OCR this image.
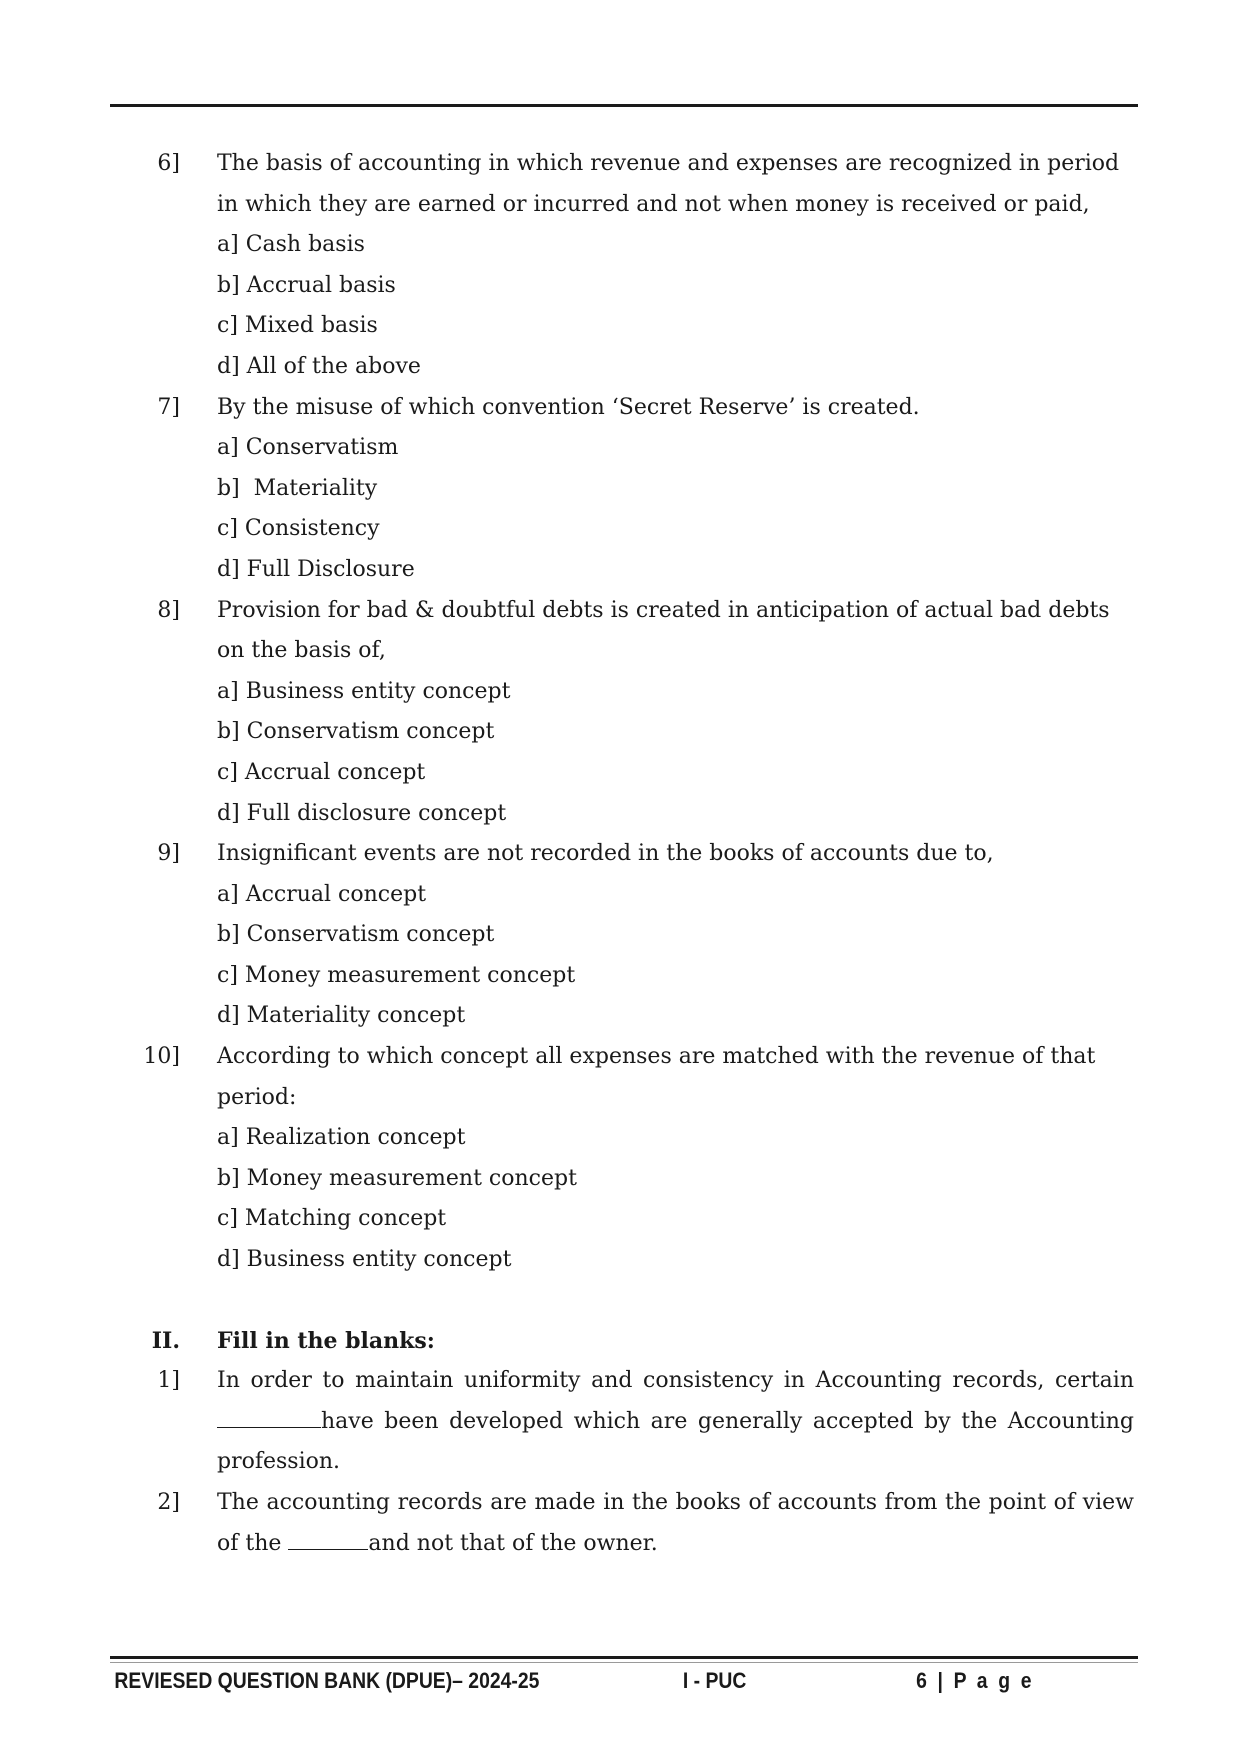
6] The basis of accounting in which revenue and expenses are recognized in period
in which they are earned or incurred and not when money is received or paid,
a] Cash basis
b] Accrual basis
c] Mixed basis
d] All of the above
7] By the misuse of which convention ‘Secret Reserve’ is created.
a] Conservatism
b]  Materiality
c] Consistency
d] Full Disclosure
8] Provision for bad & doubtful debts is created in anticipation of actual bad debts
on the basis of,
a] Business entity concept
b] Conservatism concept
c] Accrual concept
d] Full disclosure concept
9] Insignificant events are not recorded in the books of accounts due to,
a] Accrual concept
b] Conservatism concept
c] Money measurement concept
d] Materiality concept
10] According to which concept all expenses are matched with the revenue of that
period:
a] Realization concept
b] Money measurement concept
c] Matching concept
d] Business entity concept
II. Fill in the blanks:
1] In order to maintain uniformity and consistency in Accounting records, certain have been developed which are generally accepted by the Accounting profession.
2] The accounting records are made in the books of accounts from the point of view of the	and not that of the owner.
REVIESED QUESTION BANK (DPUE)– 2024-25	I - PUC	6 | P a g e
